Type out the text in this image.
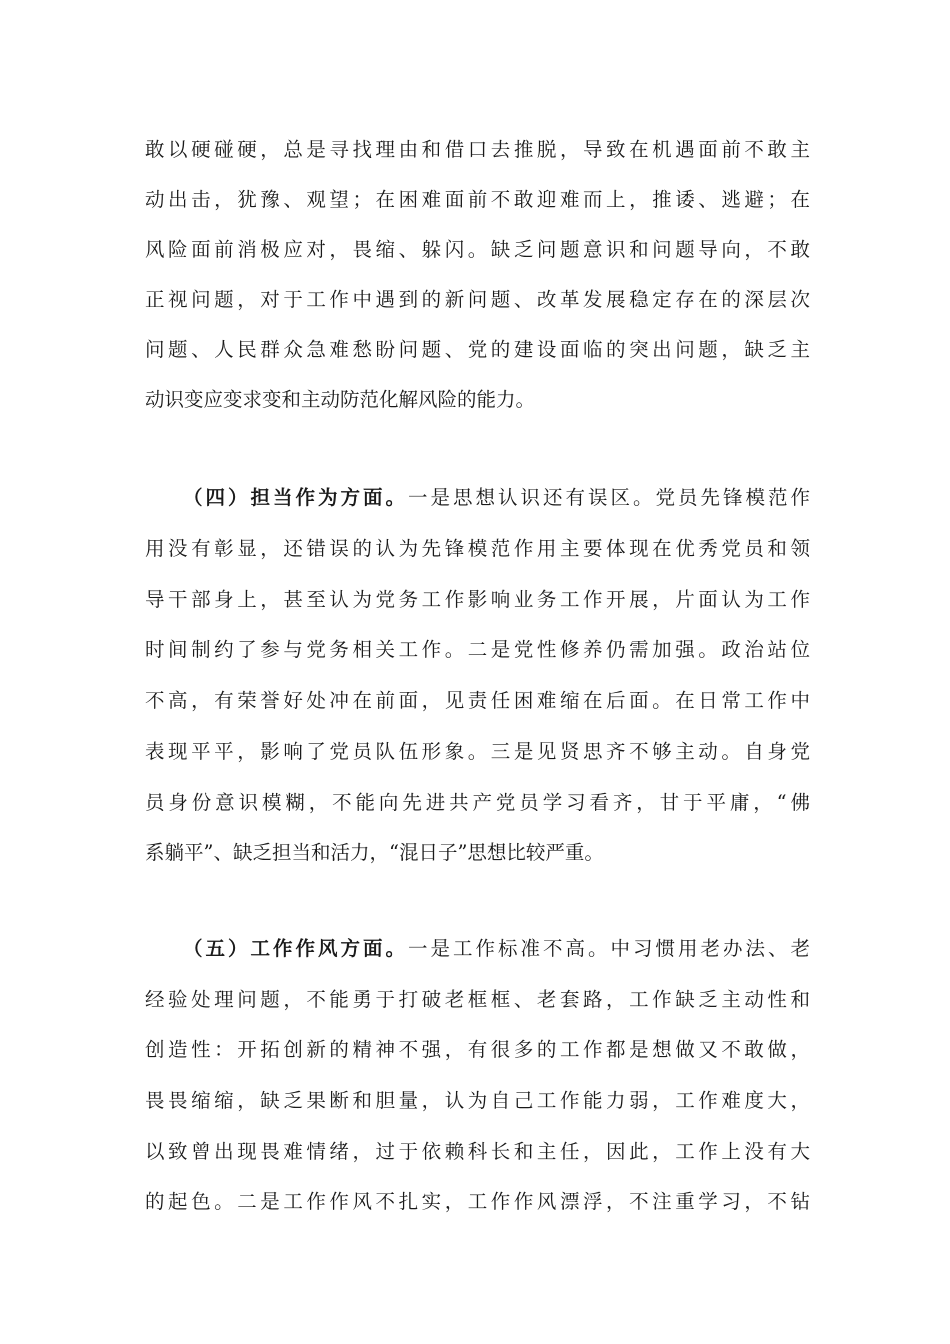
敢以硬碰硬，总是寻找理由和借口去推脱，导致在机遇面前不敢主
动出击，犹豫、观望；在困难面前不敢迎难而上，推诿、逃避；在
风险面前消极应对，畏缩、躲闪。缺乏问题意识和问题导向，不敢
正视问题，对于工作中遇到的新问题、改革发展稳定存在的深层次
问题、人民群众急难愁盼问题、党的建设面临的突出问题，缺乏主
动识变应变求变和主动防范化解风险的能力。
（四）担当作为方面。一是思想认识还有误区。党员先锋模范作
用没有彰显，还错误的认为先锋模范作用主要体现在优秀党员和领
导干部身上，甚至认为党务工作影响业务工作开展，片面认为工作
时间制约了参与党务相关工作。二是党性修养仍需加强。政治站位
不高，有荣誉好处冲在前面，见责任困难缩在后面。在日常工作中
表现平平，影响了党员队伍形象。三是见贤思齐不够主动。自身党
员身份意识模糊，不能向先进共产党员学习看齐，甘于平庸，“佛
系躺平”、缺乏担当和活力，“混日子”思想比较严重。
（五）工作作风方面。一是工作标准不高。中习惯用老办法、老
经验处理问题，不能勇于打破老框框、老套路，工作缺乏主动性和
创造性：开拓创新的精神不强，有很多的工作都是想做又不敢做，
畏畏缩缩，缺乏果断和胆量，认为自己工作能力弱，工作难度大，
以致曾出现畏难情绪，过于依赖科长和主任，因此，工作上没有大
的起色。二是工作作风不扎实，工作作风漂浮，不注重学习，不钻
